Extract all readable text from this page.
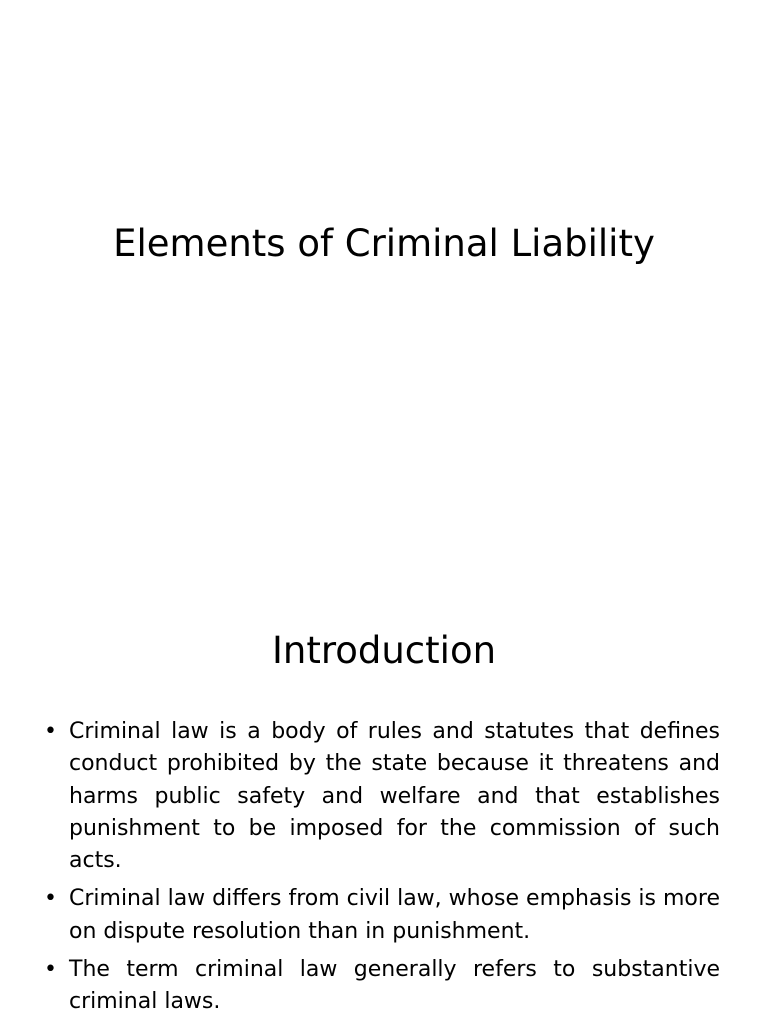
Elements of Criminal Liability
Introduction
• Criminal law is a body of rules and statutes that defines conduct prohibited by the state because it threatens and harms public safety and welfare and that establishes punishment to be imposed for the commission of such acts.
• Criminal law differs from civil law, whose emphasis is more on dispute resolution than in punishment.
• The term criminal law generally refers to substantive criminal laws.
